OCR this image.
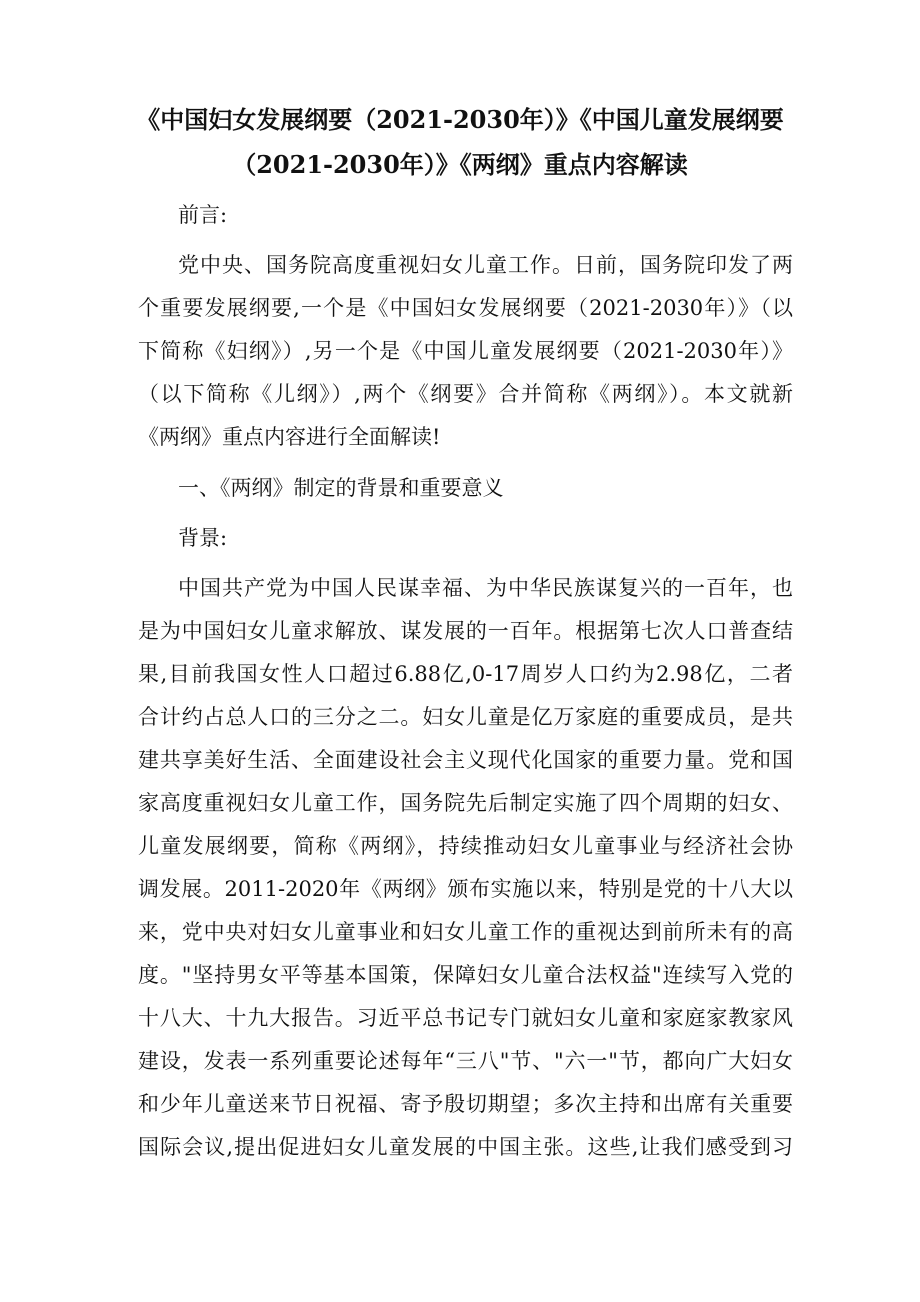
《中国妇女发展纲要（2021-2030年）》《中国儿童发展纲要
（2021-2030年）》《两纲》重点内容解读
前言:
党中央、国务院高度重视妇女儿童工作。日前，国务院印发了两
个重要发展纲要,一个是《中国妇女发展纲要（2021-2030年）》（以
下简称《妇纲》）,另一个是《中国儿童发展纲要（2021-2030年）》
（以下简称《儿纲》）,两个《纲要》合并简称《两纲》）。本文就新
《两纲》重点内容进行全面解读!
一、《两纲》制定的背景和重要意义
背景:
中国共产党为中国人民谋幸福、为中华民族谋复兴的一百年，也
是为中国妇女儿童求解放、谋发展的一百年。根据第七次人口普查结
果,目前我国女性人口超过6.88亿,0-17周岁人口约为2.98亿，二者
合计约占总人口的三分之二。妇女儿童是亿万家庭的重要成员，是共
建共享美好生活、全面建设社会主义现代化国家的重要力量。党和国
家高度重视妇女儿童工作，国务院先后制定实施了四个周期的妇女、
儿童发展纲要，简称《两纲》，持续推动妇女儿童事业与经济社会协
调发展。2011-2020年《两纲》颁布实施以来，特别是党的十八大以
来，党中央对妇女儿童事业和妇女儿童工作的重视达到前所未有的高
度。"坚持男女平等基本国策，保障妇女儿童合法权益"连续写入党的
十八大、十九大报告。习近平总书记专门就妇女儿童和家庭家教家风
建设，发表一系列重要论述每年“三八"节、"六一"节，都向广大妇女
和少年儿童送来节日祝福、寄予殷切期望；多次主持和出席有关重要
国际会议,提出促进妇女儿童发展的中国主张。这些,让我们感受到习
